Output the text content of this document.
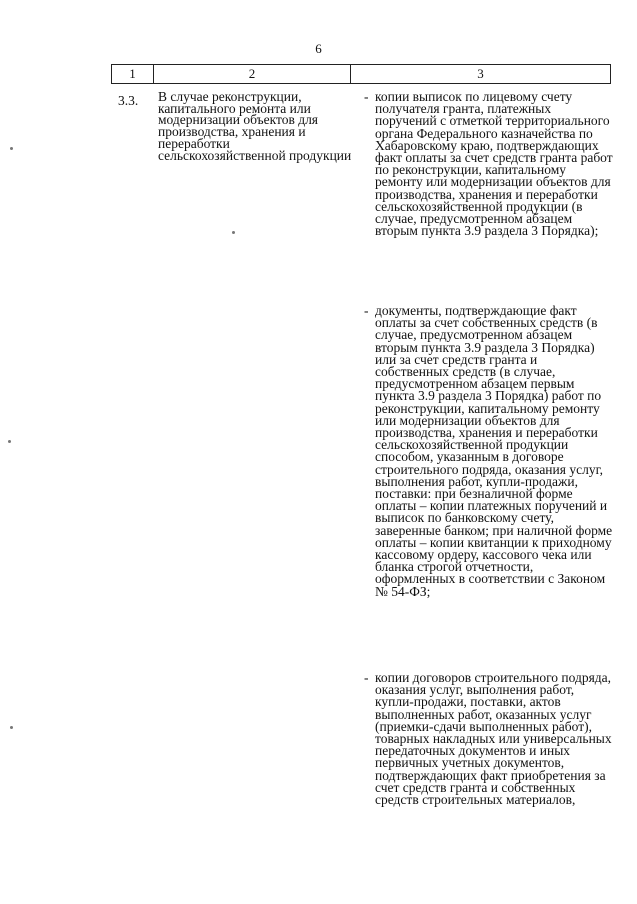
6
1	2	3
3.3. В случае реконструкции, капитального ремонта или модернизации объектов для производства, хранения и переработки сельскохозяйственной продукции
- копии выписок по лицевому счету получателя гранта, платежных поручений с отметкой территориального органа Федерального казначейства по Хабаровскому краю, подтверждающих факт оплаты за счет средств гранта работ по реконструкции, капитальному ремонту или модернизации объектов для производства, хранения и переработки сельскохозяйственной продукции (в случае, предусмотренном абзацем вторым пункта 3.9 раздела 3 Порядка);
- документы, подтверждающие факт оплаты за счет собственных средств (в случае, предусмотренном абзацем вторым пункта 3.9 раздела 3 Порядка) или за счет средств гранта и собственных средств (в случае, предусмотренном абзацем первым пункта 3.9 раздела 3 Порядка) работ по реконструкции, капитальному ремонту или модернизации объектов для производства, хранения и переработки сельскохозяйственной продукции способом, указанным в договоре строительного подряда, оказания услуг, выполнения работ, купли-продажи, поставки: при безналичной форме оплаты – копии платежных поручений и выписок по банковскому счету, заверенные банком; при наличной форме оплаты – копии квитанции к приходному кассовому ордеру, кассового чека или бланка строгой отчетности, оформленных в соответствии с Законом № 54-ФЗ;
- копии договоров строительного подряда, оказания услуг, выполнения работ, купли-продажи, поставки, актов выполненных работ, оказанных услуг (приемки-сдачи выполненных работ), товарных накладных или универсальных передаточных документов и иных первичных учетных документов, подтверждающих факт приобретения за счет средств гранта и собственных средств строительных материалов,
